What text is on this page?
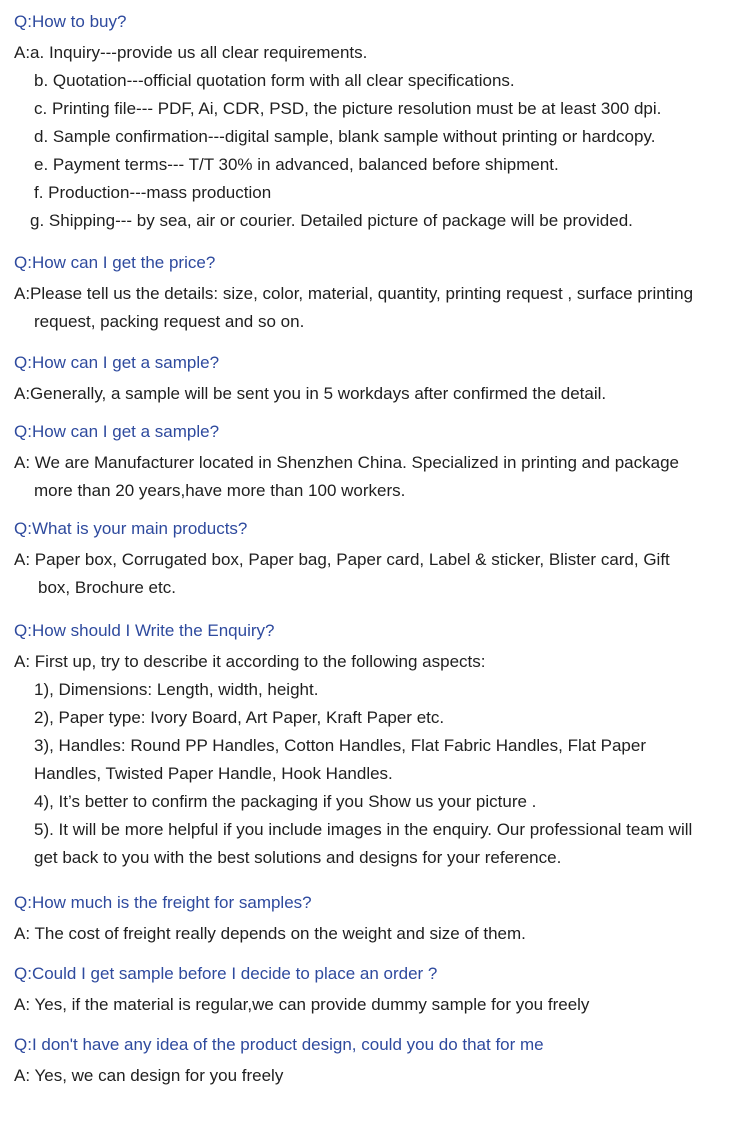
Q:How to buy?
A:a. Inquiry---provide us all clear requirements.
b. Quotation---official quotation form with all clear specifications.
c. Printing file--- PDF, Ai, CDR, PSD, the picture resolution must be at least 300 dpi.
d. Sample confirmation---digital sample, blank sample without printing or hardcopy.
e. Payment terms--- T/T 30% in advanced, balanced before shipment.
f. Production---mass production
g. Shipping--- by sea, air or courier. Detailed picture of package will be provided.
Q:How can I get the price?
A:Please tell us the details: size, color, material, quantity, printing request , surface printing
request, packing request and so on.
Q:How can I get a sample?
A:Generally, a sample will be sent you in 5 workdays after confirmed the detail.
Q:How can I get a sample?
A: We are Manufacturer located in Shenzhen China. Specialized in printing and package
more than 20 years,have more than 100 workers.
Q:What is your main products?
A: Paper box, Corrugated box, Paper bag, Paper card, Label & sticker, Blister card, Gift
box, Brochure etc.
Q:How should I Write the Enquiry?
A: First up, try to describe it according to the following aspects:
1), Dimensions: Length, width, height.
2), Paper type: Ivory Board, Art Paper, Kraft Paper etc.
3), Handles: Round PP Handles, Cotton Handles, Flat Fabric Handles, Flat Paper
Handles, Twisted Paper Handle, Hook Handles.
4), It’s better to confirm the packaging if you Show us your picture .
5). It will be more helpful if you include images in the enquiry. Our professional team will
get back to you with the best solutions and designs for your reference.
Q:How much is the freight for samples?
A: The cost of freight really depends on the weight and size of them.
Q:Could I get sample before I decide to place an order ?
A: Yes, if the material is regular,we can provide dummy sample for you freely
Q:I don't have any idea of the product design, could you do that for me
A: Yes, we can design for you freely
